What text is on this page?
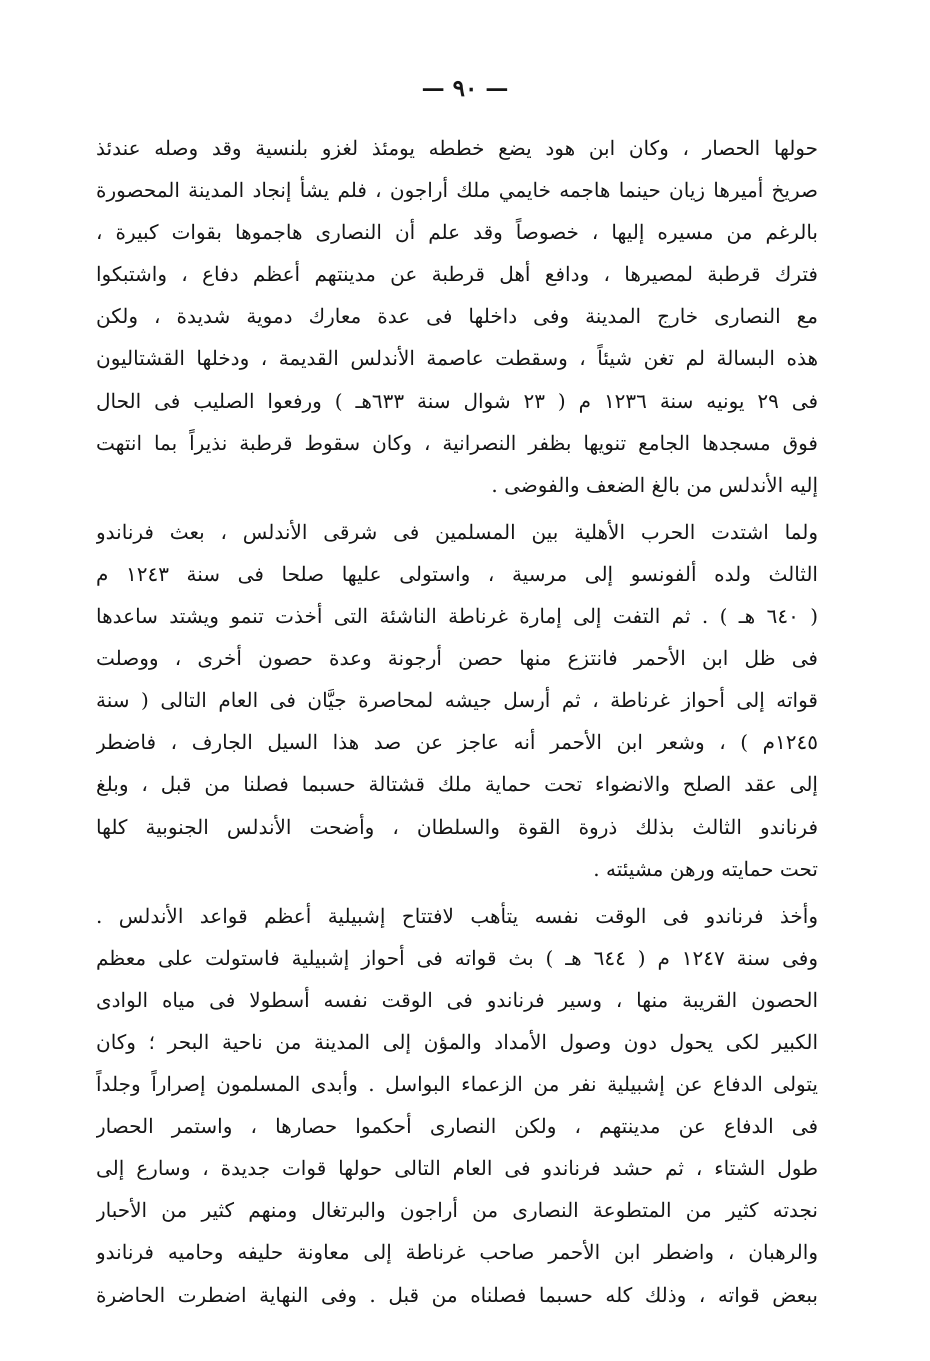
— ٩٠ —
حولها الحصار ، وكان ابن هود يضع خططه يومئذ لغزو بلنسية وقد وصله عندئذ
صريخ أميرها زيان حينما هاجمه خايمي ملك أراجون ، فلم يشأ إنجاد المدينة المحصورة
بالرغم من مسيره إليها ، خصوصاً وقد علم أن النصارى هاجموها بقوات كبيرة ،
فترك قرطبة لمصيرها ، ودافع أهل قرطبة عن مدينتهم أعظم دفاع ، واشتبكوا
مع النصارى خارج المدينة وفى داخلها فى عدة معارك دموية شديدة ، ولكن
هذه البسالة لم تغن شيئاً ، وسقطت عاصمة الأندلس القديمة ، ودخلها القشتاليون
فى ٢٩ يونيه سنة ١٢٣٦ م ( ٢٣ شوال سنة ٦٣٣هـ ) ورفعوا الصليب فى الحال
فوق مسجدها الجامع تنويها بظفر النصرانية ، وكان سقوط قرطبة نذيراً بما انتهت
إليه الأندلس من بالغ الضعف والفوضى .
ولما اشتدت الحرب الأهلية بين المسلمين فى شرقى الأندلس ، بعث فرناندو
الثالث ولده ألفونسو إلى مرسية ، واستولى عليها صلحا فى سنة ١٢٤٣ م
( ٦٤٠ هـ ) . ثم التفت إلى إمارة غرناطة الناشئة التى أخذت تنمو ويشتد ساعدها
فى ظل ابن الأحمر فانتزع منها حصن أرجونة وعدة حصون أخرى ، ووصلت
قواته إلى أحواز غرناطة ، ثم أرسل جيشه لمحاصرة جيَّان فى العام التالى ( سنة
١٢٤٥م ) ، وشعر ابن الأحمر أنه عاجز عن صد هذا السيل الجارف ، فاضطر
إلى عقد الصلح والانضواء تحت حماية ملك قشتالة حسبما فصلنا من قبل ، وبلغ
فرناندو الثالث بذلك ذروة القوة والسلطان ، وأضحت الأندلس الجنوبية كلها
تحت حمايته ورهن مشيئته .
وأخذ فرناندو فى الوقت نفسه يتأهب لافتتاح إشبيلية أعظم قواعد الأندلس .
وفى سنة ١٢٤٧ م ( ٦٤٤ هـ ) بث قواته فى أحواز إشبيلية فاستولت على معظم
الحصون القريبة منها ، وسير فرناندو فى الوقت نفسه أسطولا فى مياه الوادى
الكبير لكى يحول دون وصول الأمداد والمؤن إلى المدينة من ناحية البحر ؛ وكان
يتولى الدفاع عن إشبيلية نفر من الزعماء البواسل . وأبدى المسلمون إصراراً وجلداً
فى الدفاع عن مدينتهم ، ولكن النصارى أحكموا حصارها ، واستمر الحصار
طول الشتاء ، ثم حشد فرناندو فى العام التالى حولها قوات جديدة ، وسارع إلى
نجدته كثير من المتطوعة النصارى من أراجون والبرتغال ومنهم كثير من الأحبار
والرهبان ، واضطر ابن الأحمر صاحب غرناطة إلى معاونة حليفه وحاميه فرناندو
ببعض قواته ، وذلك كله حسبما فصلناه من قبل . وفى النهاية اضطرت الحاضرة
